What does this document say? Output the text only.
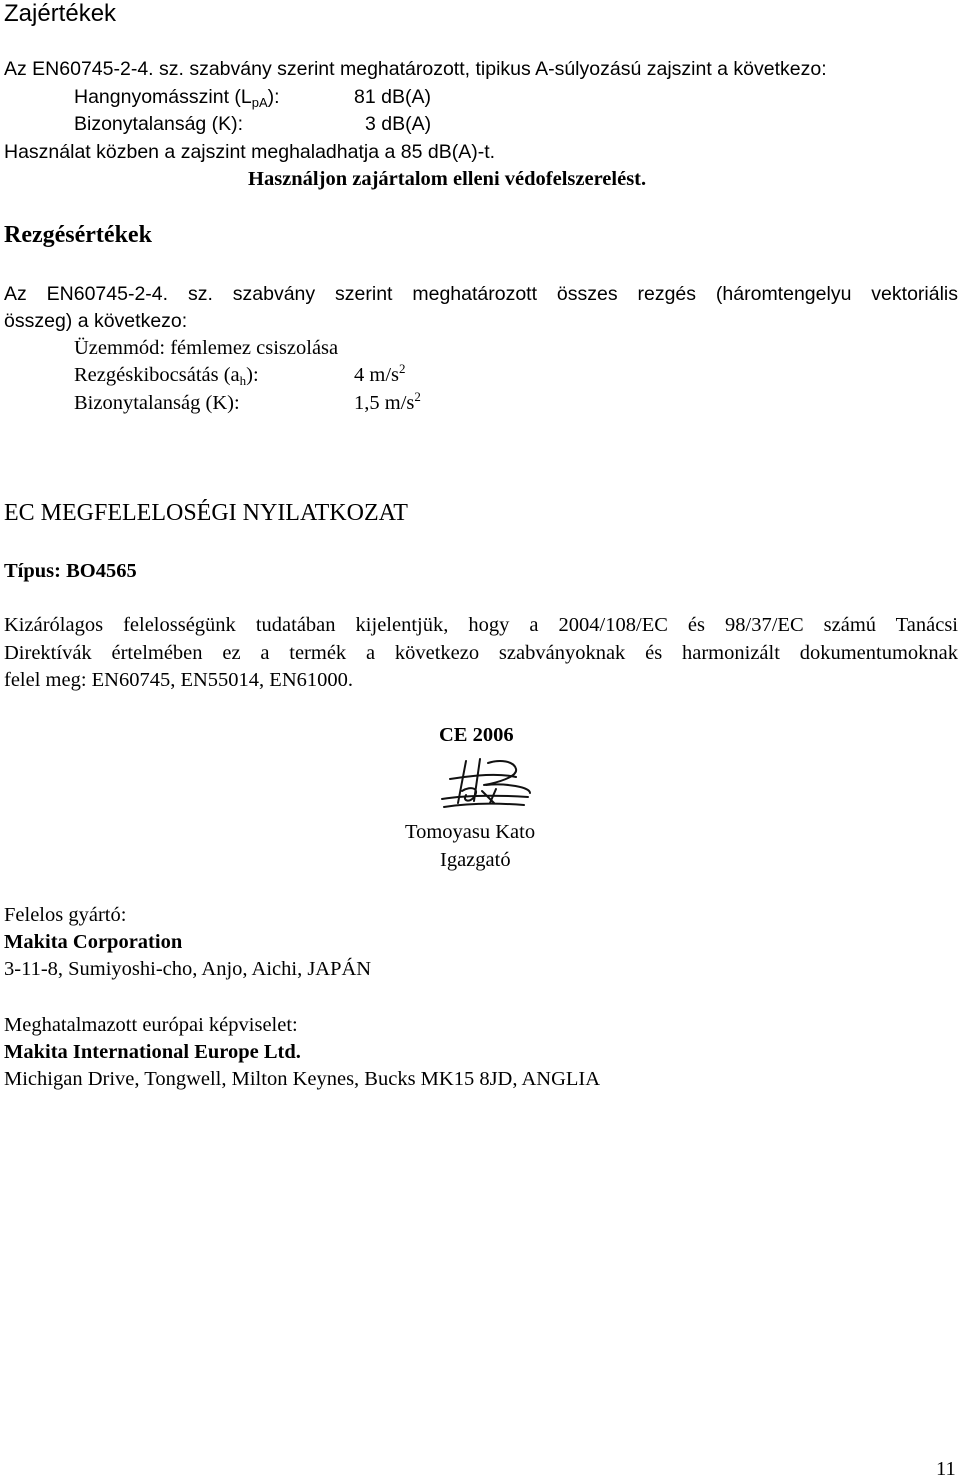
Zajértékek
Az EN60745-2-4. sz. szabvány szerint meghatározott, tipikus A-súlyozású zajszint a következo:
Hangnyomásszint $(L_{pA})$:	81 dB(A)
Bizonytalanság (K):	3 dB(A)
Használat közben a zajszint meghaladhatja a 85 dB(A)-t.
Használjon zajártalom elleni védofelszerelést.
Rezgésértékek
Az EN60745-2-4. sz. szabvány szerint meghatározott összes rezgés (háromtengelyu vektoriális
összeg) a következo:
Üzemmód: fémlemez csiszolása
Rezgéskibocsátás $(a_h)$:	4 $m/s^2$
Bizonytalanság (K):	1,5 $m/s^2$
EC MEGFELELOSÉGI NYILATKOZAT
Típus: BO4565
Kizárólagos felelosségünk tudatában kijelentjük, hogy a 2004/108/EC és 98/37/EC számú Tanácsi
Direktívák értelmében ez a termék a következo szabványoknak és harmonizált dokumentumoknak
felel meg: EN60745, EN55014, EN61000.
CE 2006
Tomoyasu Kato
Igazgató
Felelos gyártó:
Makita Corporation
3-11-8, Sumiyoshi-cho, Anjo, Aichi, JAPÁN
Meghatalmazott európai képviselet:
Makita International Europe Ltd.
Michigan Drive, Tongwell, Milton Keynes, Bucks MK15 8JD, ANGLIA
11
